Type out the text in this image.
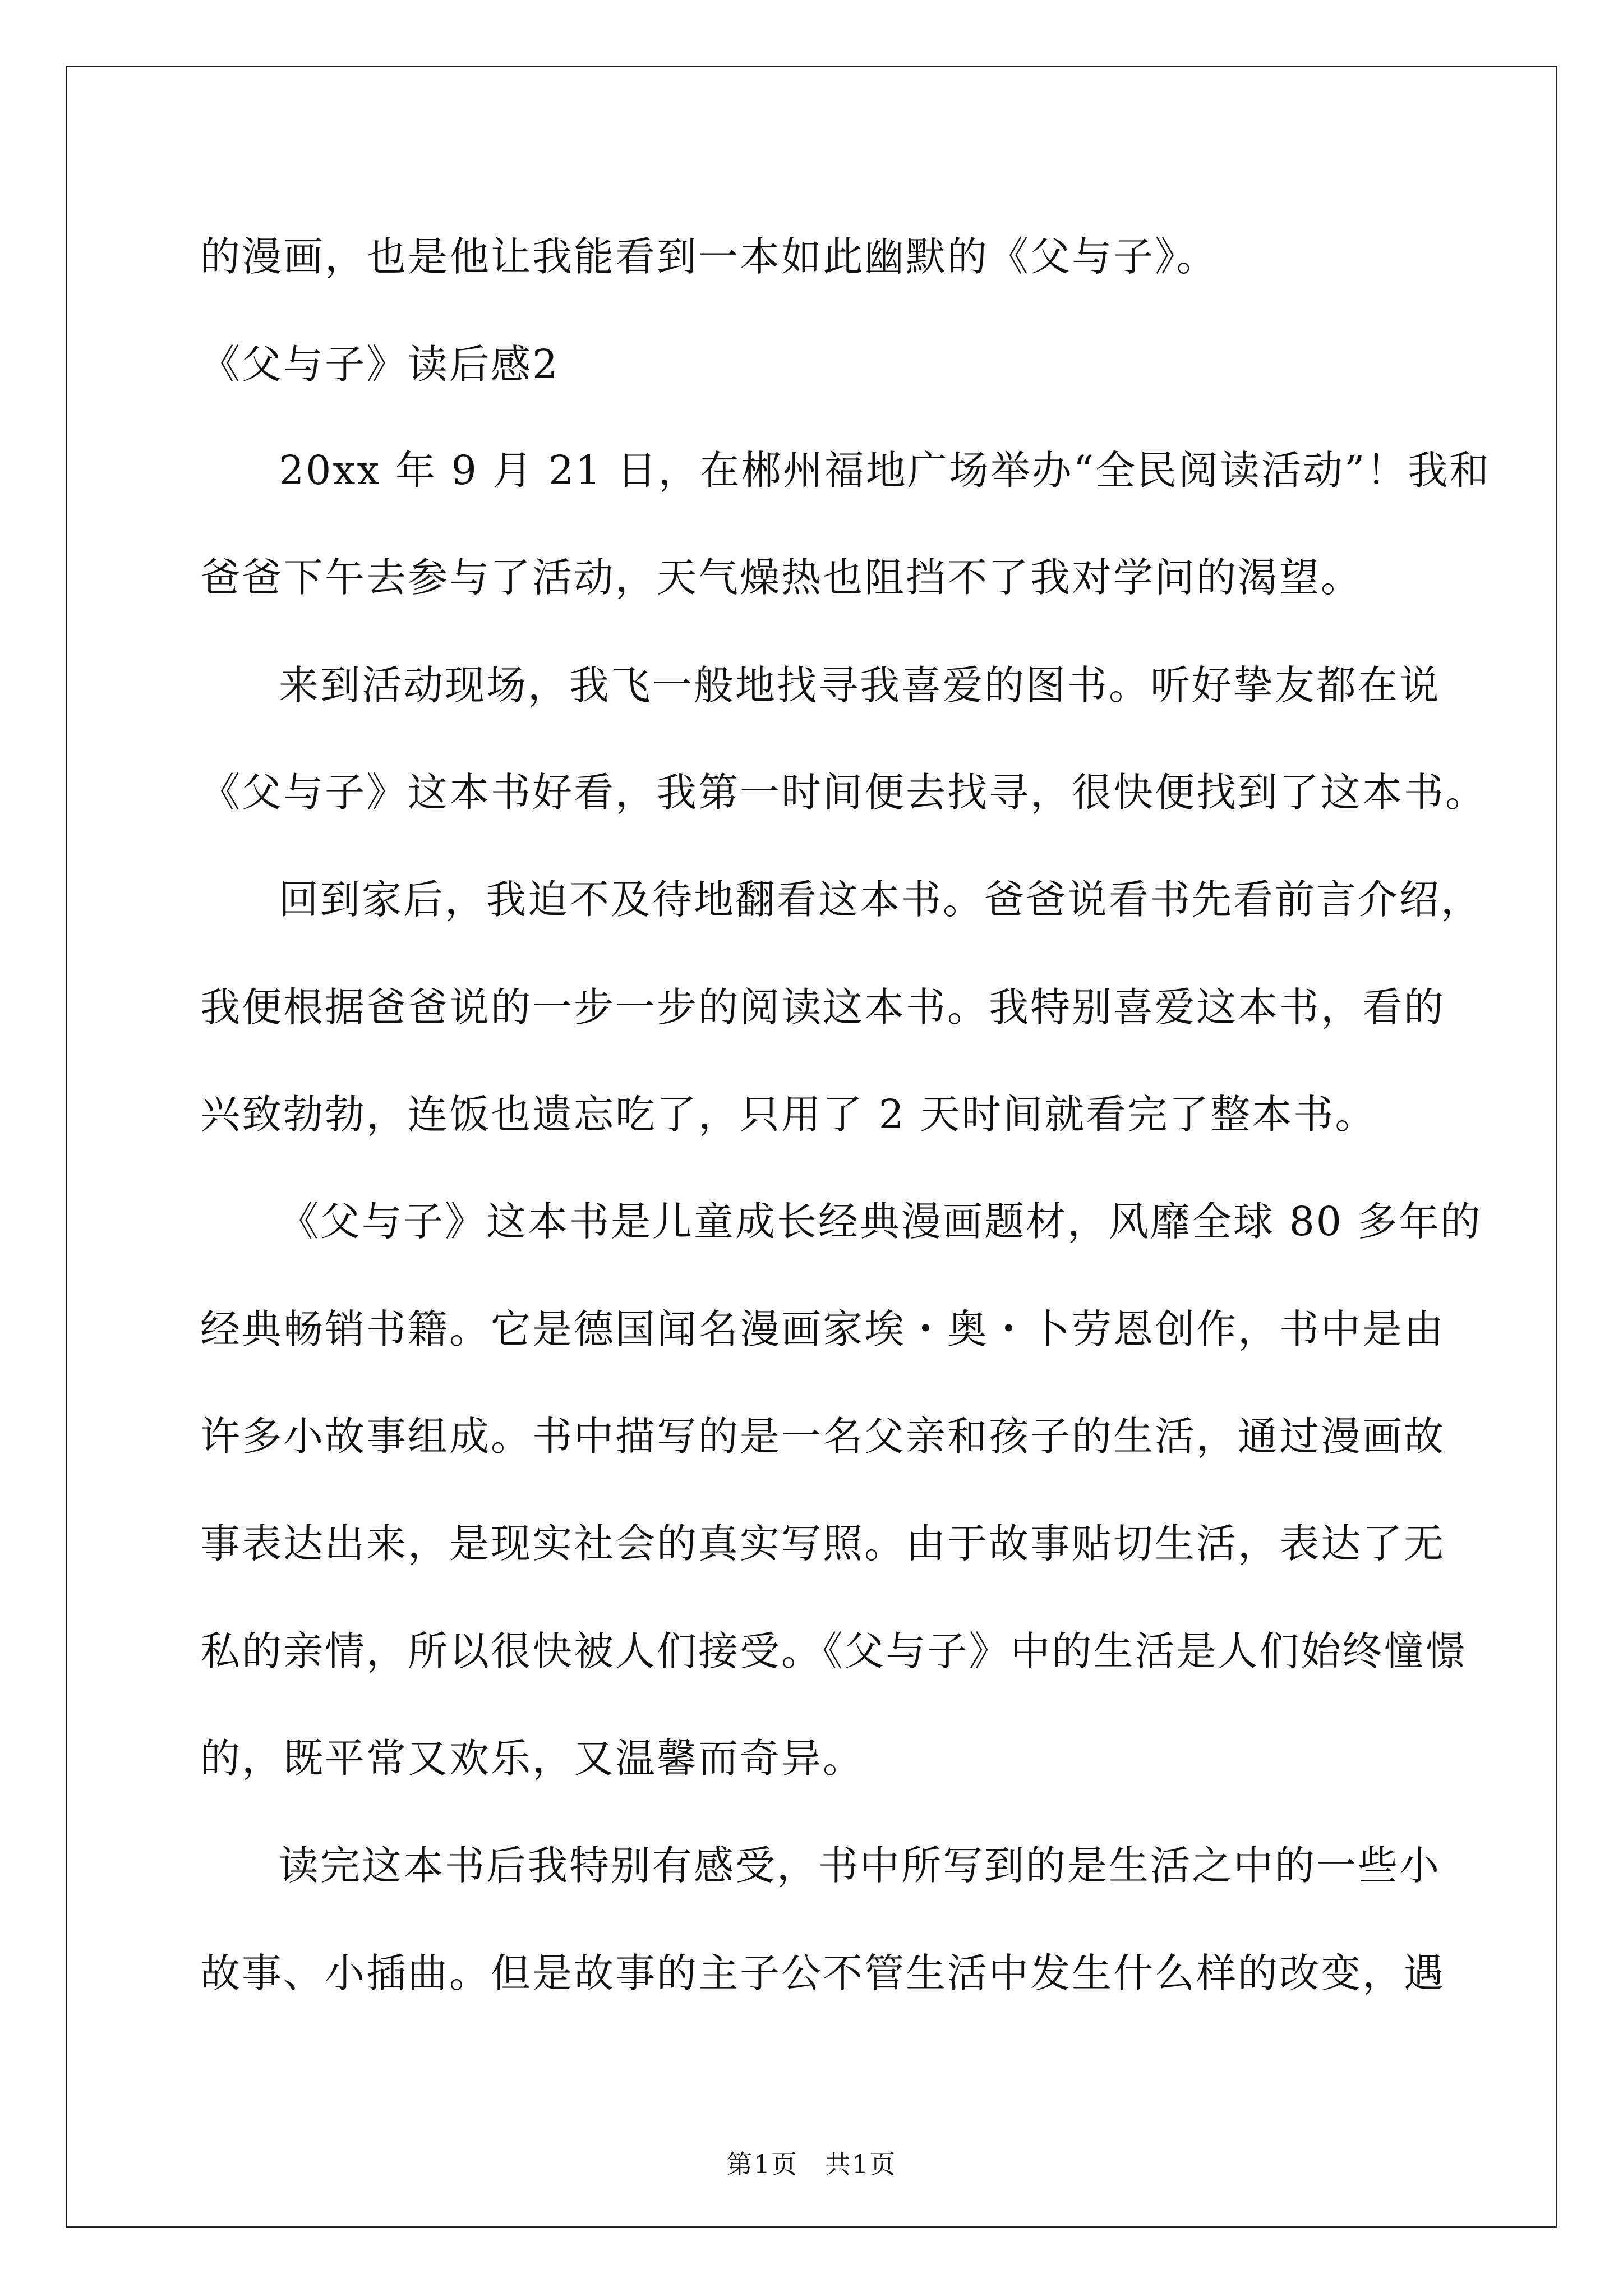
的漫画，也是他让我能看到一本如此幽默的《父与子》。
《父与子》读后感2
20xx 年 9 月 21 日，在郴州福地广场举办“全民阅读活动”！我和
爸爸下午去参与了活动，天气燥热也阻挡不了我对学问的渴望。
来到活动现场，我飞一般地找寻我喜爱的图书。听好挚友都在说
《父与子》这本书好看，我第一时间便去找寻，很快便找到了这本书。
回到家后，我迫不及待地翻看这本书。爸爸说看书先看前言介绍，
我便根据爸爸说的一步一步的阅读这本书。我特别喜爱这本书，看的
兴致勃勃，连饭也遗忘吃了，只用了 2 天时间就看完了整本书。
《父与子》这本书是儿童成长经典漫画题材，风靡全球 80 多年的
经典畅销书籍。它是德国闻名漫画家埃・奥・卜劳恩创作，书中是由
许多小故事组成。书中描写的是一名父亲和孩子的生活，通过漫画故
事表达出来，是现实社会的真实写照。由于故事贴切生活，表达了无
私的亲情，所以很快被人们接受。《父与子》中的生活是人们始终憧憬
的，既平常又欢乐，又温馨而奇异。
读完这本书后我特别有感受，书中所写到的是生活之中的一些小
故事、小插曲。但是故事的主子公不管生活中发生什么样的改变，遇
第1页　共1页
